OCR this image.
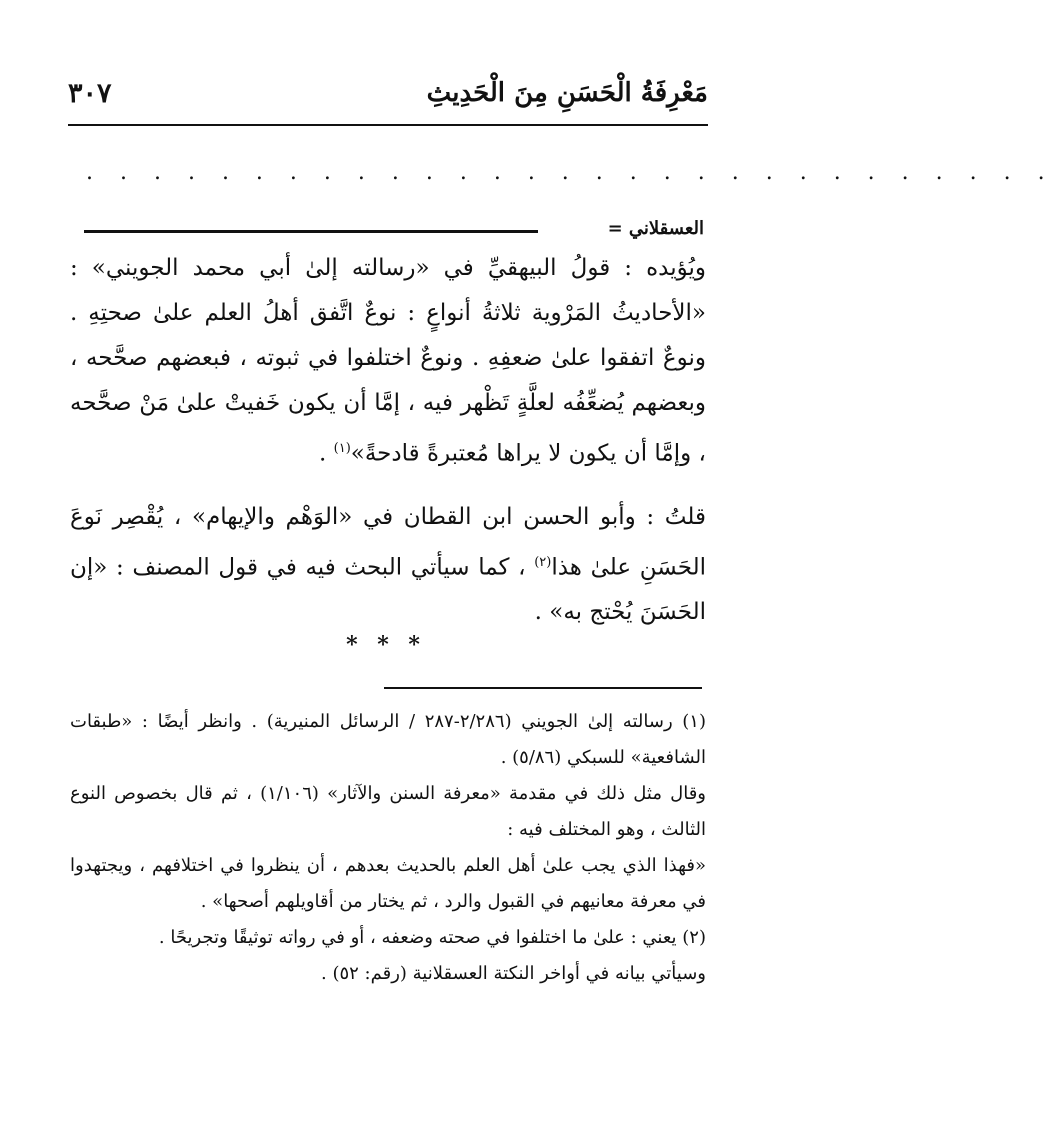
مَعْرِفَةُ الْحَسَنِ مِنَ الْحَدِيثِ
٣٠٧
. . . . . . . . . . . . . . . . . . . . . . . . . . . . .
العسقلاني =

ويُؤيده : قولُ البيهقيِّ في «رسالته إلىٰ أبي محمد الجويني» : «الأحاديثُ المَرْوية ثلاثةُ أنواعٍ : نوعٌ اتَّفق أهلُ العلم علىٰ صحتِهِ . ونوعٌ اتفقوا علىٰ ضعفِهِ . ونوعٌ اختلفوا في ثبوته ، فبعضهم صحَّحه ، وبعضهم يُضعِّفُه لعلَّةٍ تَظْهر فيه ، إمَّا أن يكون خَفيتْ علىٰ مَنْ صحَّحه ، وإمَّا أن يكون لا يراها مُعتبرةً قادحةً»$^{(١)}$ .

قلتُ : وأبو الحسن ابن القطان في «الوَهْم والإيهام» ، يُقْصِر نَوعَ الحَسَنِ علىٰ هذا$^{(٢)}$ ، كما سيأتي البحث فيه في قول المصنف : «إن الحَسَنَ يُحْتج به» .

* * *

(١) رسالته إلىٰ الجويني (٢/٢٨٦-٢٨٧ / الرسائل المنيرية) . وانظر أيضًا : «طبقات الشافعية» للسبكي (٥/٨٦) .

وقال مثل ذلك في مقدمة «معرفة السنن والآثار» (١/١٠٦) ، ثم قال بخصوص النوع الثالث ، وهو المختلف فيه :

«فهذا الذي يجب علىٰ أهل العلم بالحديث بعدهم ، أن ينظروا في اختلافهم ، ويجتهدوا في معرفة معانيهم في القبول والرد ، ثم يختار من أقاويلهم أصحها» .

(٢) يعني : علىٰ ما اختلفوا في صحته وضعفه ، أو في رواته توثيقًا وتجريحًا .

وسيأتي بيانه في أواخر النكتة العسقلانية (رقم: ٥٢) .
